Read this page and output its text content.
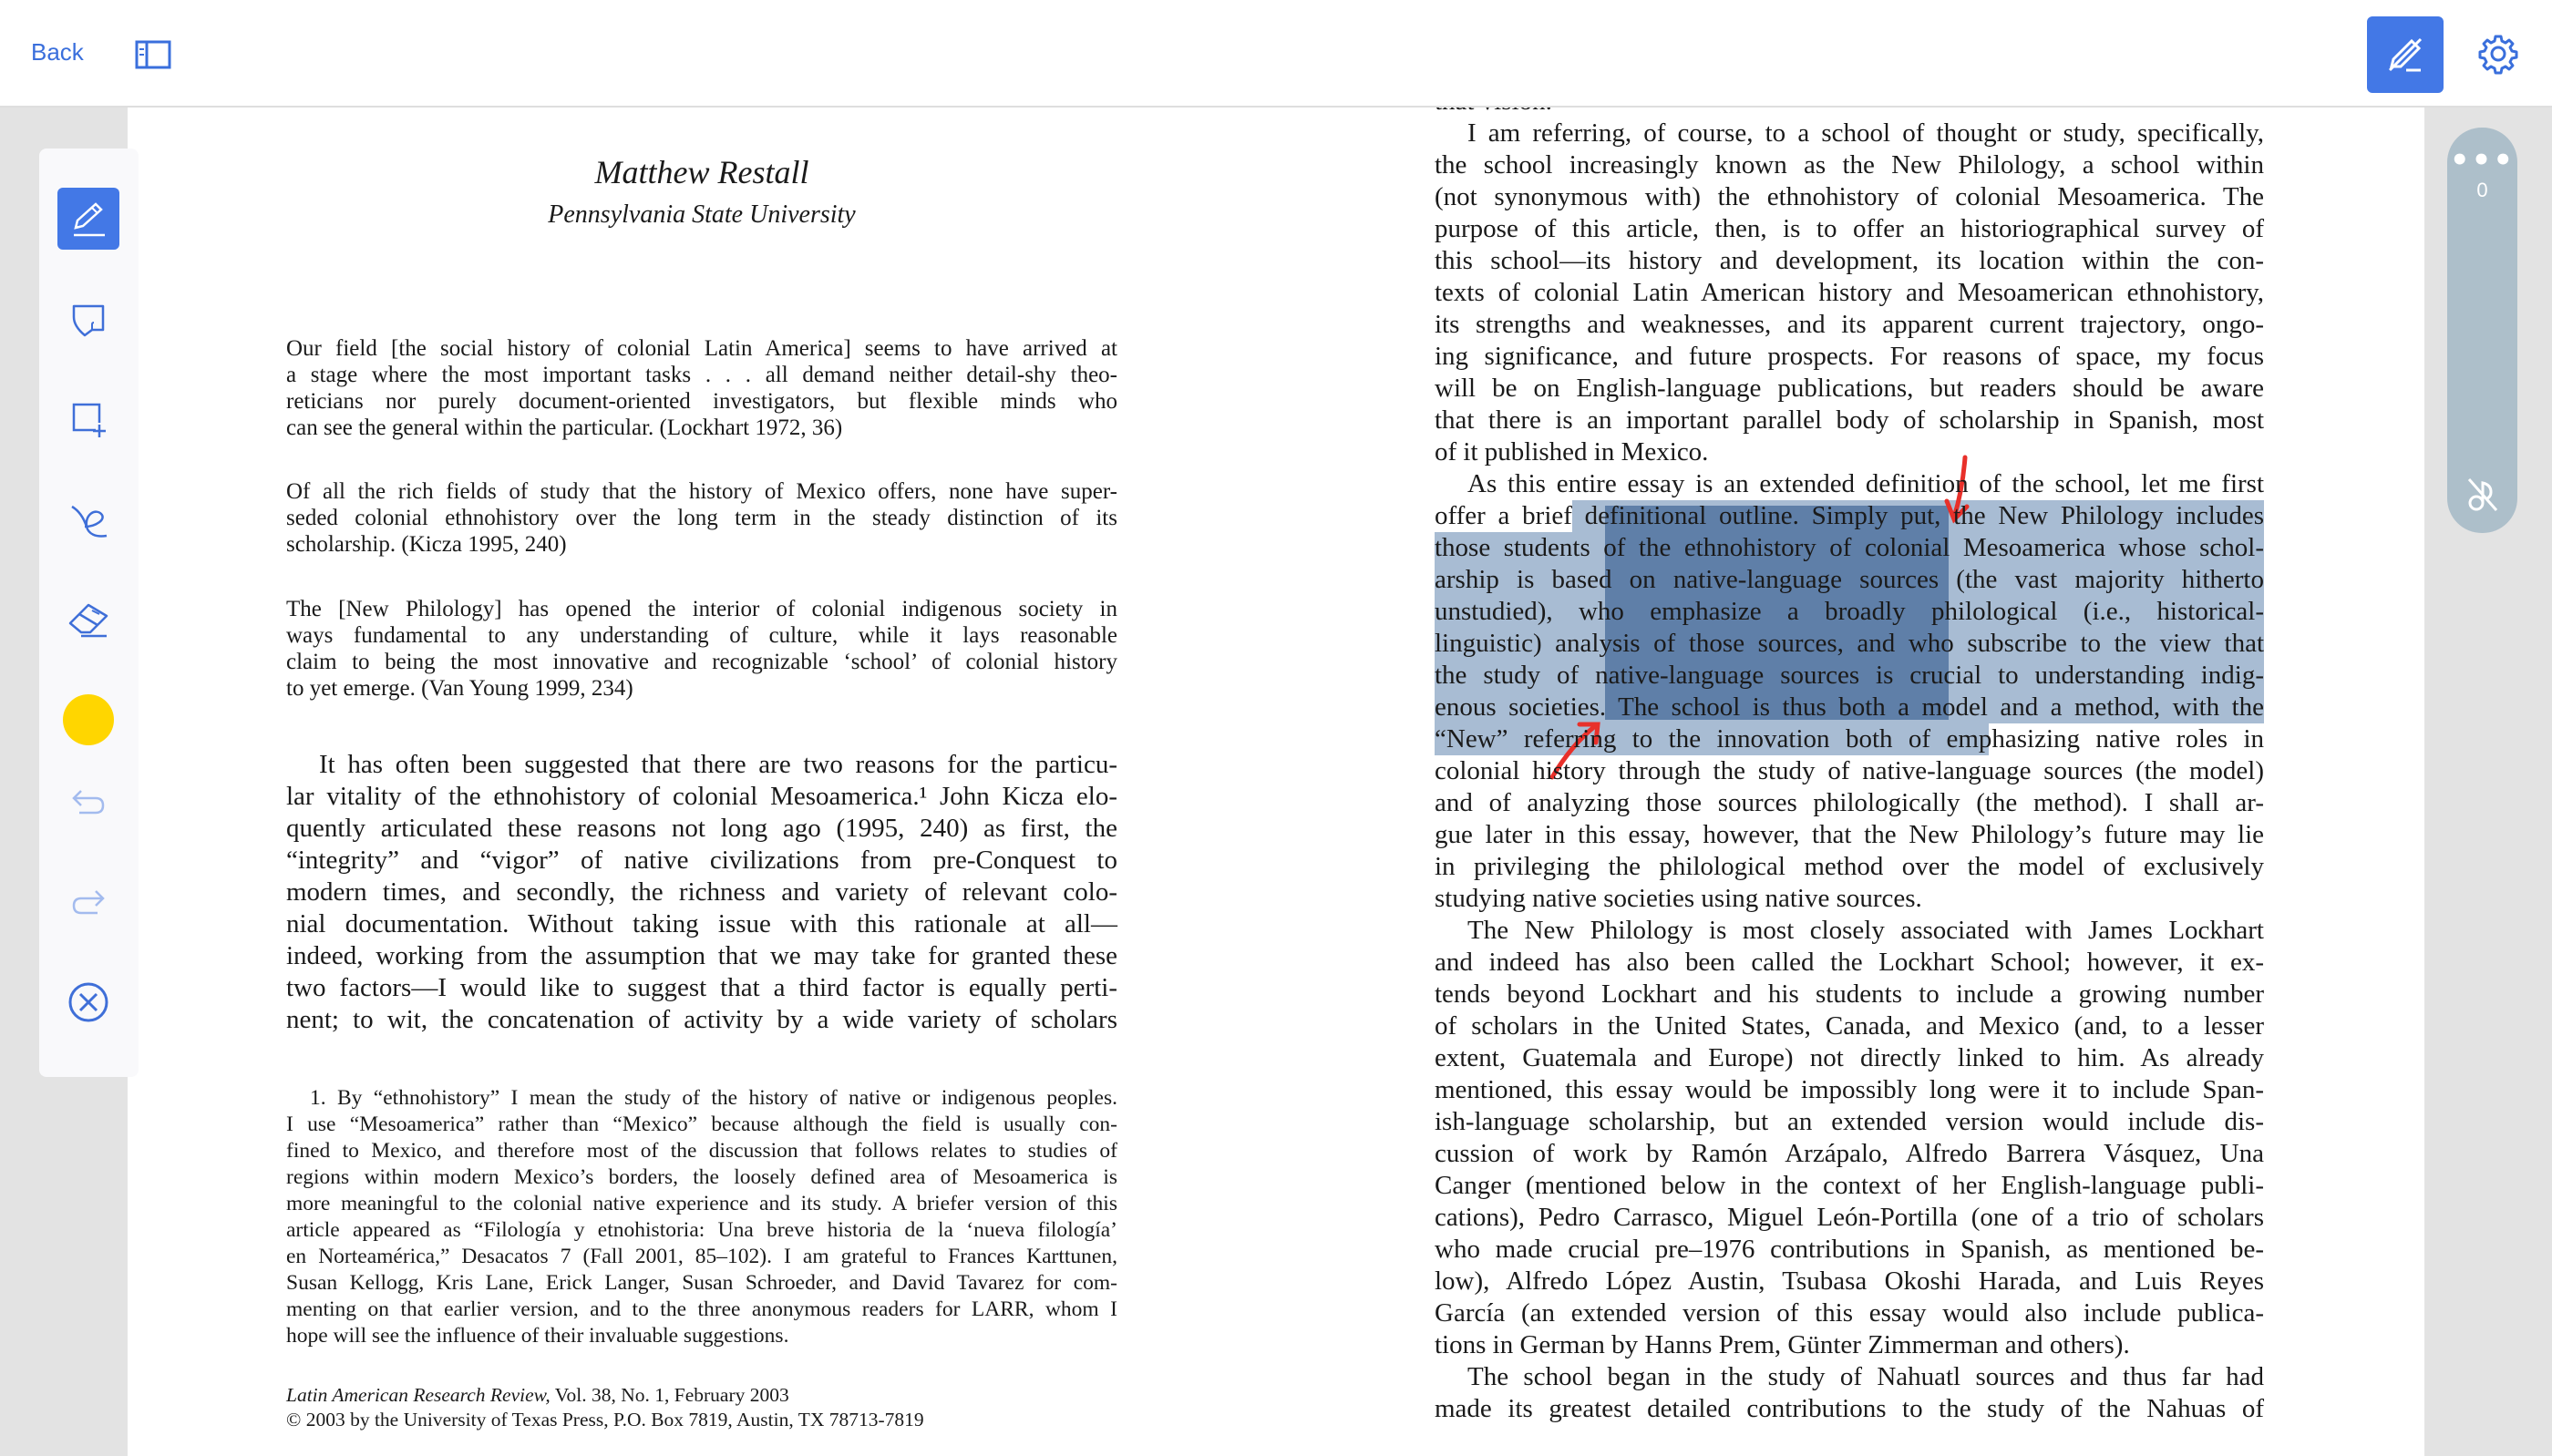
Back
Matthew Restall
Pennsylvania State University
Our field [the social history of colonial Latin America] seems to have arrived at
a stage where the most important tasks . . . all demand neither detail-shy theo-
reticians nor purely document-oriented investigators, but flexible minds who
can see the general within the particular. (Lockhart 1972, 36)
Of all the rich fields of study that the history of Mexico offers, none have super-
seded colonial ethnohistory over the long term in the steady distinction of its
scholarship. (Kicza 1995, 240)
The [New Philology] has opened the interior of colonial indigenous society in
ways fundamental to any understanding of culture, while it lays reasonable
claim to being the most innovative and recognizable ‘school’ of colonial history
to yet emerge. (Van Young 1999, 234)
It has often been suggested that there are two reasons for the particu-
lar vitality of the ethnohistory of colonial Mesoamerica.¹ John Kicza elo-
quently articulated these reasons not long ago (1995, 240) as first, the
“integrity” and “vigor” of native civilizations from pre-Conquest to
modern times, and secondly, the richness and variety of relevant colo-
nial documentation. Without taking issue with this rationale at all—
indeed, working from the assumption that we may take for granted these
two factors—I would like to suggest that a third factor is equally perti-
nent; to wit, the concatenation of activity by a wide variety of scholars
1. By “ethnohistory” I mean the study of the history of native or indigenous peoples.
I use “Mesoamerica” rather than “Mexico” because although the field is usually con-
fined to Mexico, and therefore most of the discussion that follows relates to studies of
regions within modern Mexico’s borders, the loosely defined area of Mesoamerica is
more meaningful to the colonial native experience and its study. A briefer version of this
article appeared as “Filología y etnohistoria: Una breve historia de la ‘nueva filología’
en Norteamérica,” Desacatos 7 (Fall 2001, 85–102). I am grateful to Frances Karttunen,
Susan Kellogg, Kris Lane, Erick Langer, Susan Schroeder, and David Tavarez for com-
menting on that earlier version, and to the three anonymous readers for LARR, whom I
hope will see the influence of their invaluable suggestions.
Latin American Research Review, Vol. 38, No. 1, February 2003
© 2003 by the University of Texas Press, P.O. Box 7819, Austin, TX 78713-7819
I am referring, of course, to a school of thought or study, specifically,
the school increasingly known as the New Philology, a school within
(not synonymous with) the ethnohistory of colonial Mesoamerica. The
purpose of this article, then, is to offer an historiographical survey of
this school—its history and development, its location within the con-
texts of colonial Latin American history and Mesoamerican ethnohistory,
its strengths and weaknesses, and its apparent current trajectory, ongo-
ing significance, and future prospects. For reasons of space, my focus
will be on English-language publications, but readers should be aware
that there is an important parallel body of scholarship in Spanish, most
of it published in Mexico.
As this entire essay is an extended definition of the school, let me first
offer a brief definitional outline. Simply put, the New Philology includes
those students of the ethnohistory of colonial Mesoamerica whose schol-
arship is based on native-language sources (the vast majority hitherto
unstudied), who emphasize a broadly philological (i.e., historical-
linguistic) analysis of those sources, and who subscribe to the view that
the study of native-language sources is crucial to understanding indig-
enous societies. The school is thus both a model and a method, with the
“New” referring to the innovation both of emphasizing native roles in
colonial history through the study of native-language sources (the model)
and of analyzing those sources philologically (the method). I shall ar-
gue later in this essay, however, that the New Philology’s future may lie
in privileging the philological method over the model of exclusively
studying native societies using native sources.
The New Philology is most closely associated with James Lockhart
and indeed has also been called the Lockhart School; however, it ex-
tends beyond Lockhart and his students to include a growing number
of scholars in the United States, Canada, and Mexico (and, to a lesser
extent, Guatemala and Europe) not directly linked to him. As already
mentioned, this essay would be impossibly long were it to include Span-
ish-language scholarship, but an extended version would include dis-
cussion of work by Ramón Arzápalo, Alfredo Barrera Vásquez, Una
Canger (mentioned below in the context of her English-language publi-
cations), Pedro Carrasco, Miguel León-Portilla (one of a trio of scholars
who made crucial pre–1976 contributions in Spanish, as mentioned be-
low), Alfredo López Austin, Tsubasa Okoshi Harada, and Luis Reyes
García (an extended version of this essay would also include publica-
tions in German by Hanns Prem, Günter Zimmerman and others).
The school began in the study of Nahuatl sources and thus far had
made its greatest detailed contributions to the study of the Nahuas of
•••
0
